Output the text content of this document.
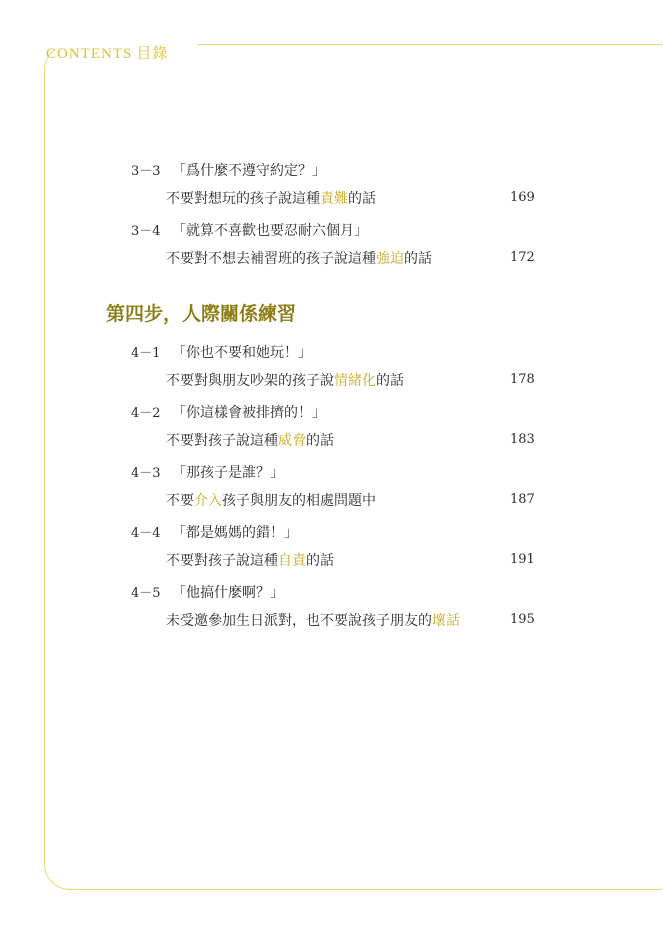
CONTENTS 目錄
3－3 「爲什麼不遵守約定？」
不要對想玩的孩子說這種責難的話	169
3－4 「就算不喜歡也要忍耐六個月」
不要對不想去補習班的孩子說這種強迫的話	172
第四步，人際關係練習
4－1 「你也不要和她玩！」
不要對與朋友吵架的孩子說情緒化的話	178
4－2 「你這樣會被排擠的！」
不要對孩子說這種威脅的話	183
4－3 「那孩子是誰？」
不要介入孩子與朋友的相處問題中	187
4－4 「都是媽媽的錯！」
不要對孩子說這種自責的話	191
4－5 「他搞什麼啊？」
未受邀參加生日派對，也不要說孩子朋友的壞話	195
